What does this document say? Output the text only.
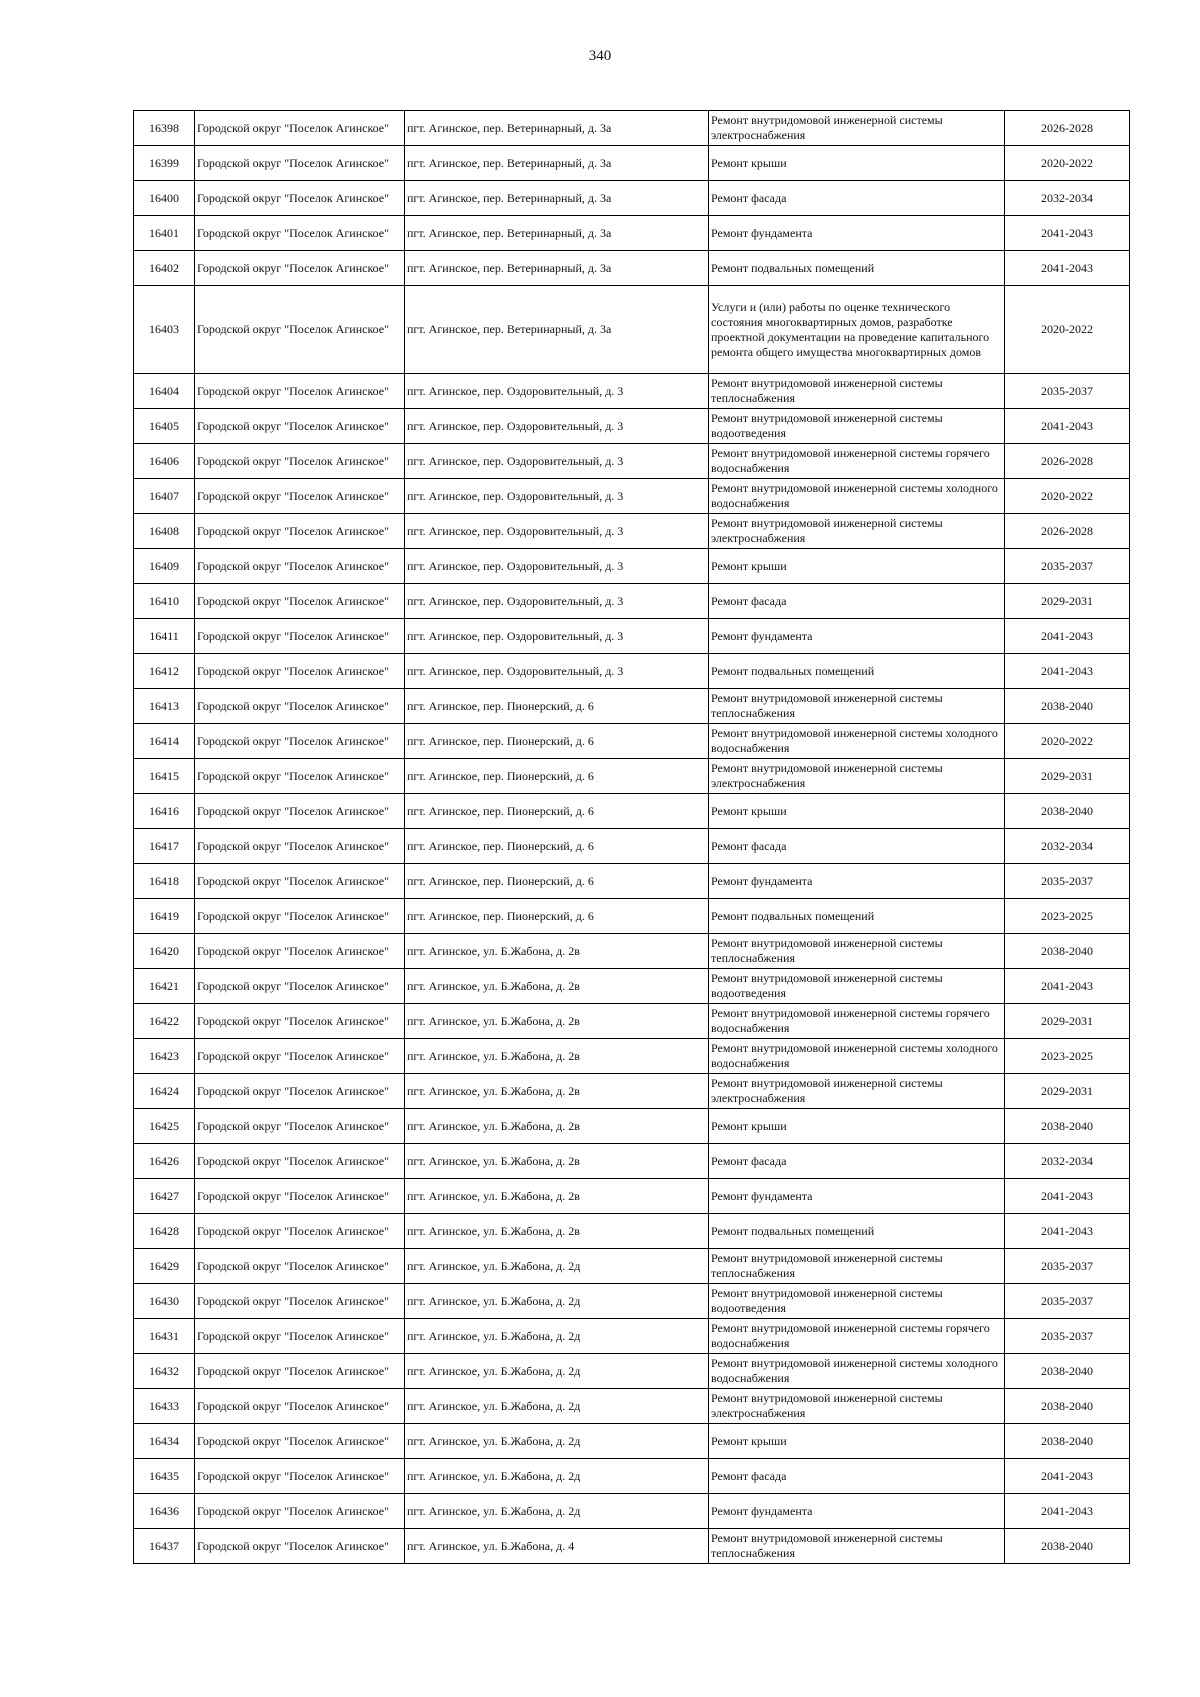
340
16398	Городской округ "Поселок Агинское"	пгт. Агинское, пер. Ветеринарный, д. 3а	Ремонт внутридомовой инженерной системы электроснабжения	2026-2028
16399	Городской округ "Поселок Агинское"	пгт. Агинское, пер. Ветеринарный, д. 3а	Ремонт крыши	2020-2022
16400	Городской округ "Поселок Агинское"	пгт. Агинское, пер. Ветеринарный, д. 3а	Ремонт фасада	2032-2034
16401	Городской округ "Поселок Агинское"	пгт. Агинское, пер. Ветеринарный, д. 3а	Ремонт фундамента	2041-2043
16402	Городской округ "Поселок Агинское"	пгт. Агинское, пер. Ветеринарный, д. 3а	Ремонт подвальных помещений	2041-2043
16403	Городской округ "Поселок Агинское"	пгт. Агинское, пер. Ветеринарный, д. 3а	Услуги и (или) работы по оценке технического состояния многоквартирных домов, разработке проектной документации на проведение капитального ремонта общего имущества многоквартирных домов	2020-2022
16404	Городской округ "Поселок Агинское"	пгт. Агинское, пер. Оздоровительный, д. 3	Ремонт внутридомовой инженерной системы теплоснабжения	2035-2037
16405	Городской округ "Поселок Агинское"	пгт. Агинское, пер. Оздоровительный, д. 3	Ремонт внутридомовой инженерной системы водоотведения	2041-2043
16406	Городской округ "Поселок Агинское"	пгт. Агинское, пер. Оздоровительный, д. 3	Ремонт внутридомовой инженерной системы горячего водоснабжения	2026-2028
16407	Городской округ "Поселок Агинское"	пгт. Агинское, пер. Оздоровительный, д. 3	Ремонт внутридомовой инженерной системы холодного водоснабжения	2020-2022
16408	Городской округ "Поселок Агинское"	пгт. Агинское, пер. Оздоровительный, д. 3	Ремонт внутридомовой инженерной системы электроснабжения	2026-2028
16409	Городской округ "Поселок Агинское"	пгт. Агинское, пер. Оздоровительный, д. 3	Ремонт крыши	2035-2037
16410	Городской округ "Поселок Агинское"	пгт. Агинское, пер. Оздоровительный, д. 3	Ремонт фасада	2029-2031
16411	Городской округ "Поселок Агинское"	пгт. Агинское, пер. Оздоровительный, д. 3	Ремонт фундамента	2041-2043
16412	Городской округ "Поселок Агинское"	пгт. Агинское, пер. Оздоровительный, д. 3	Ремонт подвальных помещений	2041-2043
16413	Городской округ "Поселок Агинское"	пгт. Агинское, пер. Пионерский, д. 6	Ремонт внутридомовой инженерной системы теплоснабжения	2038-2040
16414	Городской округ "Поселок Агинское"	пгт. Агинское, пер. Пионерский, д. 6	Ремонт внутридомовой инженерной системы холодного водоснабжения	2020-2022
16415	Городской округ "Поселок Агинское"	пгт. Агинское, пер. Пионерский, д. 6	Ремонт внутридомовой инженерной системы электроснабжения	2029-2031
16416	Городской округ "Поселок Агинское"	пгт. Агинское, пер. Пионерский, д. 6	Ремонт крыши	2038-2040
16417	Городской округ "Поселок Агинское"	пгт. Агинское, пер. Пионерский, д. 6	Ремонт фасада	2032-2034
16418	Городской округ "Поселок Агинское"	пгт. Агинское, пер. Пионерский, д. 6	Ремонт фундамента	2035-2037
16419	Городской округ "Поселок Агинское"	пгт. Агинское, пер. Пионерский, д. 6	Ремонт подвальных помещений	2023-2025
16420	Городской округ "Поселок Агинское"	пгт. Агинское, ул. Б.Жабона, д. 2в	Ремонт внутридомовой инженерной системы теплоснабжения	2038-2040
16421	Городской округ "Поселок Агинское"	пгт. Агинское, ул. Б.Жабона, д. 2в	Ремонт внутридомовой инженерной системы водоотведения	2041-2043
16422	Городской округ "Поселок Агинское"	пгт. Агинское, ул. Б.Жабона, д. 2в	Ремонт внутридомовой инженерной системы горячего водоснабжения	2029-2031
16423	Городской округ "Поселок Агинское"	пгт. Агинское, ул. Б.Жабона, д. 2в	Ремонт внутридомовой инженерной системы холодного водоснабжения	2023-2025
16424	Городской округ "Поселок Агинское"	пгт. Агинское, ул. Б.Жабона, д. 2в	Ремонт внутридомовой инженерной системы электроснабжения	2029-2031
16425	Городской округ "Поселок Агинское"	пгт. Агинское, ул. Б.Жабона, д. 2в	Ремонт крыши	2038-2040
16426	Городской округ "Поселок Агинское"	пгт. Агинское, ул. Б.Жабона, д. 2в	Ремонт фасада	2032-2034
16427	Городской округ "Поселок Агинское"	пгт. Агинское, ул. Б.Жабона, д. 2в	Ремонт фундамента	2041-2043
16428	Городской округ "Поселок Агинское"	пгт. Агинское, ул. Б.Жабона, д. 2в	Ремонт подвальных помещений	2041-2043
16429	Городской округ "Поселок Агинское"	пгт. Агинское, ул. Б.Жабона, д. 2д	Ремонт внутридомовой инженерной системы теплоснабжения	2035-2037
16430	Городской округ "Поселок Агинское"	пгт. Агинское, ул. Б.Жабона, д. 2д	Ремонт внутридомовой инженерной системы водоотведения	2035-2037
16431	Городской округ "Поселок Агинское"	пгт. Агинское, ул. Б.Жабона, д. 2д	Ремонт внутридомовой инженерной системы горячего водоснабжения	2035-2037
16432	Городской округ "Поселок Агинское"	пгт. Агинское, ул. Б.Жабона, д. 2д	Ремонт внутридомовой инженерной системы холодного водоснабжения	2038-2040
16433	Городской округ "Поселок Агинское"	пгт. Агинское, ул. Б.Жабона, д. 2д	Ремонт внутридомовой инженерной системы электроснабжения	2038-2040
16434	Городской округ "Поселок Агинское"	пгт. Агинское, ул. Б.Жабона, д. 2д	Ремонт крыши	2038-2040
16435	Городской округ "Поселок Агинское"	пгт. Агинское, ул. Б.Жабона, д. 2д	Ремонт фасада	2041-2043
16436	Городской округ "Поселок Агинское"	пгт. Агинское, ул. Б.Жабона, д. 2д	Ремонт фундамента	2041-2043
16437	Городской округ "Поселок Агинское"	пгт. Агинское, ул. Б.Жабона, д. 4	Ремонт внутридомовой инженерной системы теплоснабжения	2038-2040
